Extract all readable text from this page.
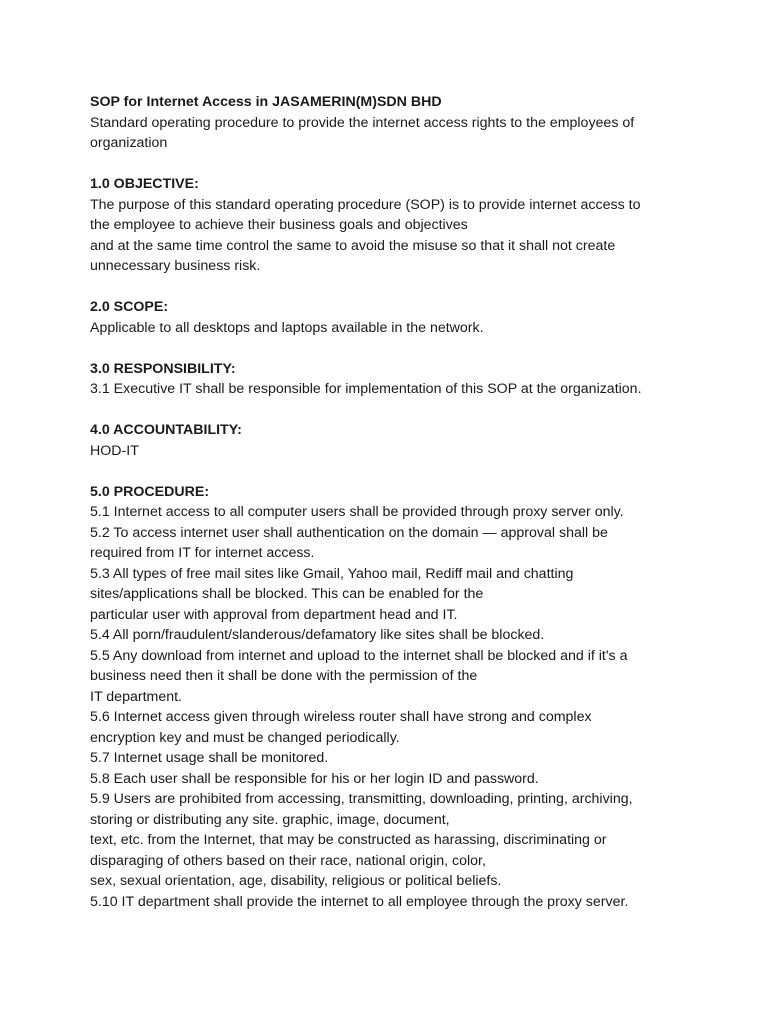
SOP for Internet Access in JASAMERIN(M)SDN BHD
Standard operating procedure to provide the internet access rights to the employees of
organization
1.0 OBJECTIVE:
The purpose of this standard operating procedure (SOP) is to provide internet access to
the employee to achieve their business goals and objectives
and at the same time control the same to avoid the misuse so that it shall not create
unnecessary business risk.
2.0 SCOPE:
Applicable to all desktops and laptops available in the network.
3.0 RESPONSIBILITY:
3.1 Executive IT shall be responsible for implementation of this SOP at the organization.
4.0 ACCOUNTABILITY:
HOD-IT
5.0 PROCEDURE:
5.1 Internet access to all computer users shall be provided through proxy server only.
5.2 To access internet user shall authentication on the domain — approval shall be
required from IT for internet access.
5.3 All types of free mail sites like Gmail, Yahoo mail, Rediff mail and chatting
sites/applications shall be blocked. This can be enabled for the
particular user with approval from department head and IT.
5.4 All porn/fraudulent/slanderous/defamatory like sites shall be blocked.
5.5 Any download from internet and upload to the internet shall be blocked and if it's a
business need then it shall be done with the permission of the
IT department.
5.6 Internet access given through wireless router shall have strong and complex
encryption key and must be changed periodically.
5.7 Internet usage shall be monitored.
5.8 Each user shall be responsible for his or her login ID and password.
5.9 Users are prohibited from accessing, transmitting, downloading, printing, archiving,
storing or distributing any site. graphic, image, document,
text, etc. from the Internet, that may be constructed as harassing, discriminating or
disparaging of others based on their race, national origin, color,
sex, sexual orientation, age, disability, religious or political beliefs.
5.10 IT department shall provide the internet to all employee through the proxy server.
